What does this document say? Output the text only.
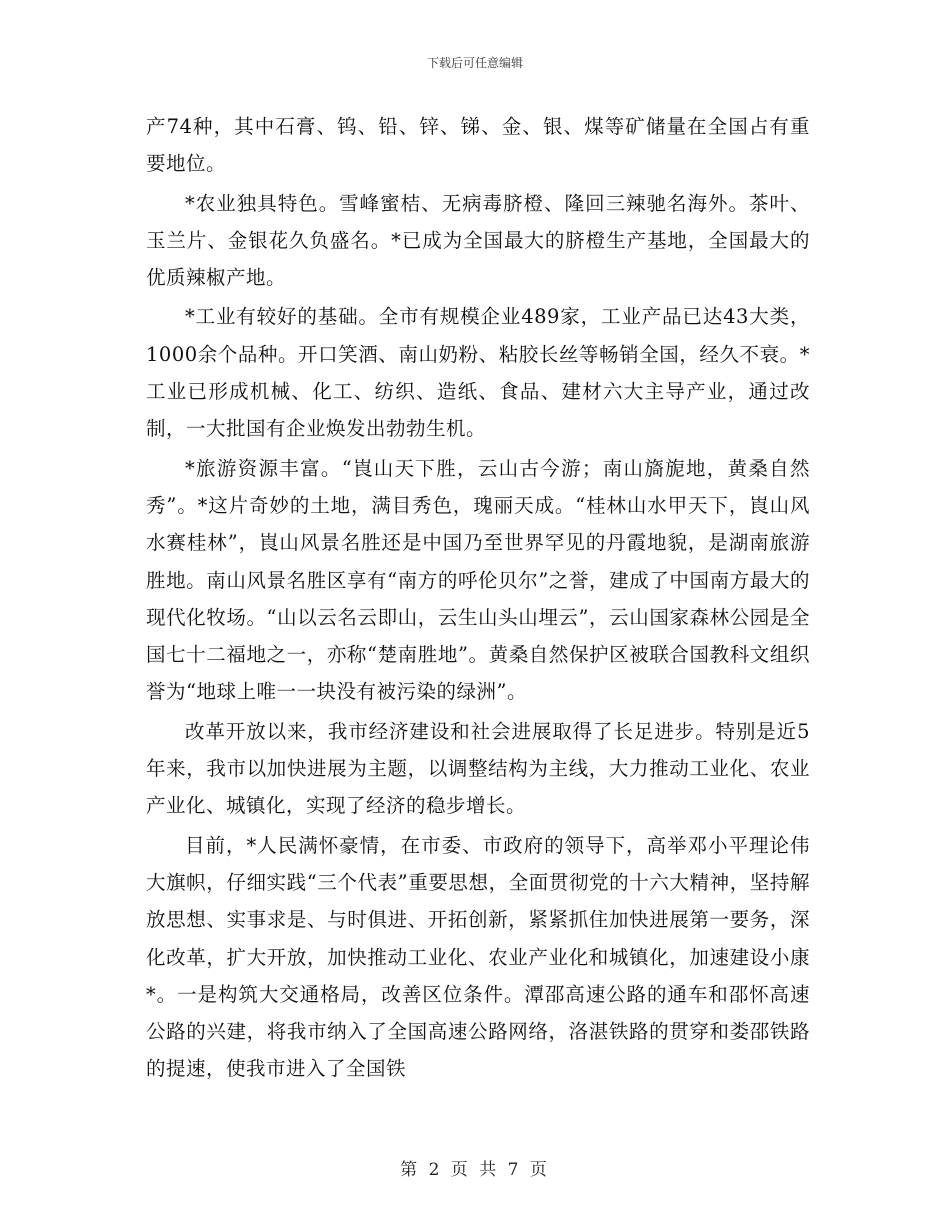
下载后可任意编辑

产74种，其中石膏、钨、铅、锌、锑、金、银、煤等矿储量在全国占有重要地位。

*农业独具特色。雪峰蜜桔、无病毒脐橙、隆回三辣驰名海外。茶叶、玉兰片、金银花久负盛名。*已成为全国最大的脐橙生产基地，全国最大的优质辣椒产地。

*工业有较好的基础。全市有规模企业489家，工业产品已达43大类，1000余个品种。开口笑酒、南山奶粉、粘胶长丝等畅销全国，经久不衰。*工业已形成机械、化工、纺织、造纸、食品、建材六大主导产业，通过改制，一大批国有企业焕发出勃勃生机。

*旅游资源丰富。“崀山天下胜，云山古今游；南山旖旎地，黄桑自然秀”。*这片奇妙的土地，满目秀色，瑰丽天成。“桂林山水甲天下，崀山风水赛桂林”，崀山风景名胜还是中国乃至世界罕见的丹霞地貌，是湖南旅游胜地。南山风景名胜区享有“南方的呼伦贝尔”之誉，建成了中国南方最大的现代化牧场。“山以云名云即山，云生山头山埋云”，云山国家森林公园是全国七十二福地之一，亦称“楚南胜地”。黄桑自然保护区被联合国教科文组织誉为“地球上唯一一块没有被污染的绿洲”。

改革开放以来，我市经济建设和社会进展取得了长足进步。特别是近5年来，我市以加快进展为主题，以调整结构为主线，大力推动工业化、农业产业化、城镇化，实现了经济的稳步增长。

目前，*人民满怀豪情，在市委、市政府的领导下，高举邓小平理论伟大旗帜，仔细实践“三个代表”重要思想，全面贯彻党的十六大精神，坚持解放思想、实事求是、与时俱进、开拓创新，紧紧抓住加快进展第一要务，深化改革，扩大开放，加快推动工业化、农业产业化和城镇化，加速建设小康*。一是构筑大交通格局，改善区位条件。潭邵高速公路的通车和邵怀高速公路的兴建，将我市纳入了全国高速公路网络，洛湛铁路的贯穿和娄邵铁路的提速，使我市进入了全国铁

第 2 页 共 7 页
